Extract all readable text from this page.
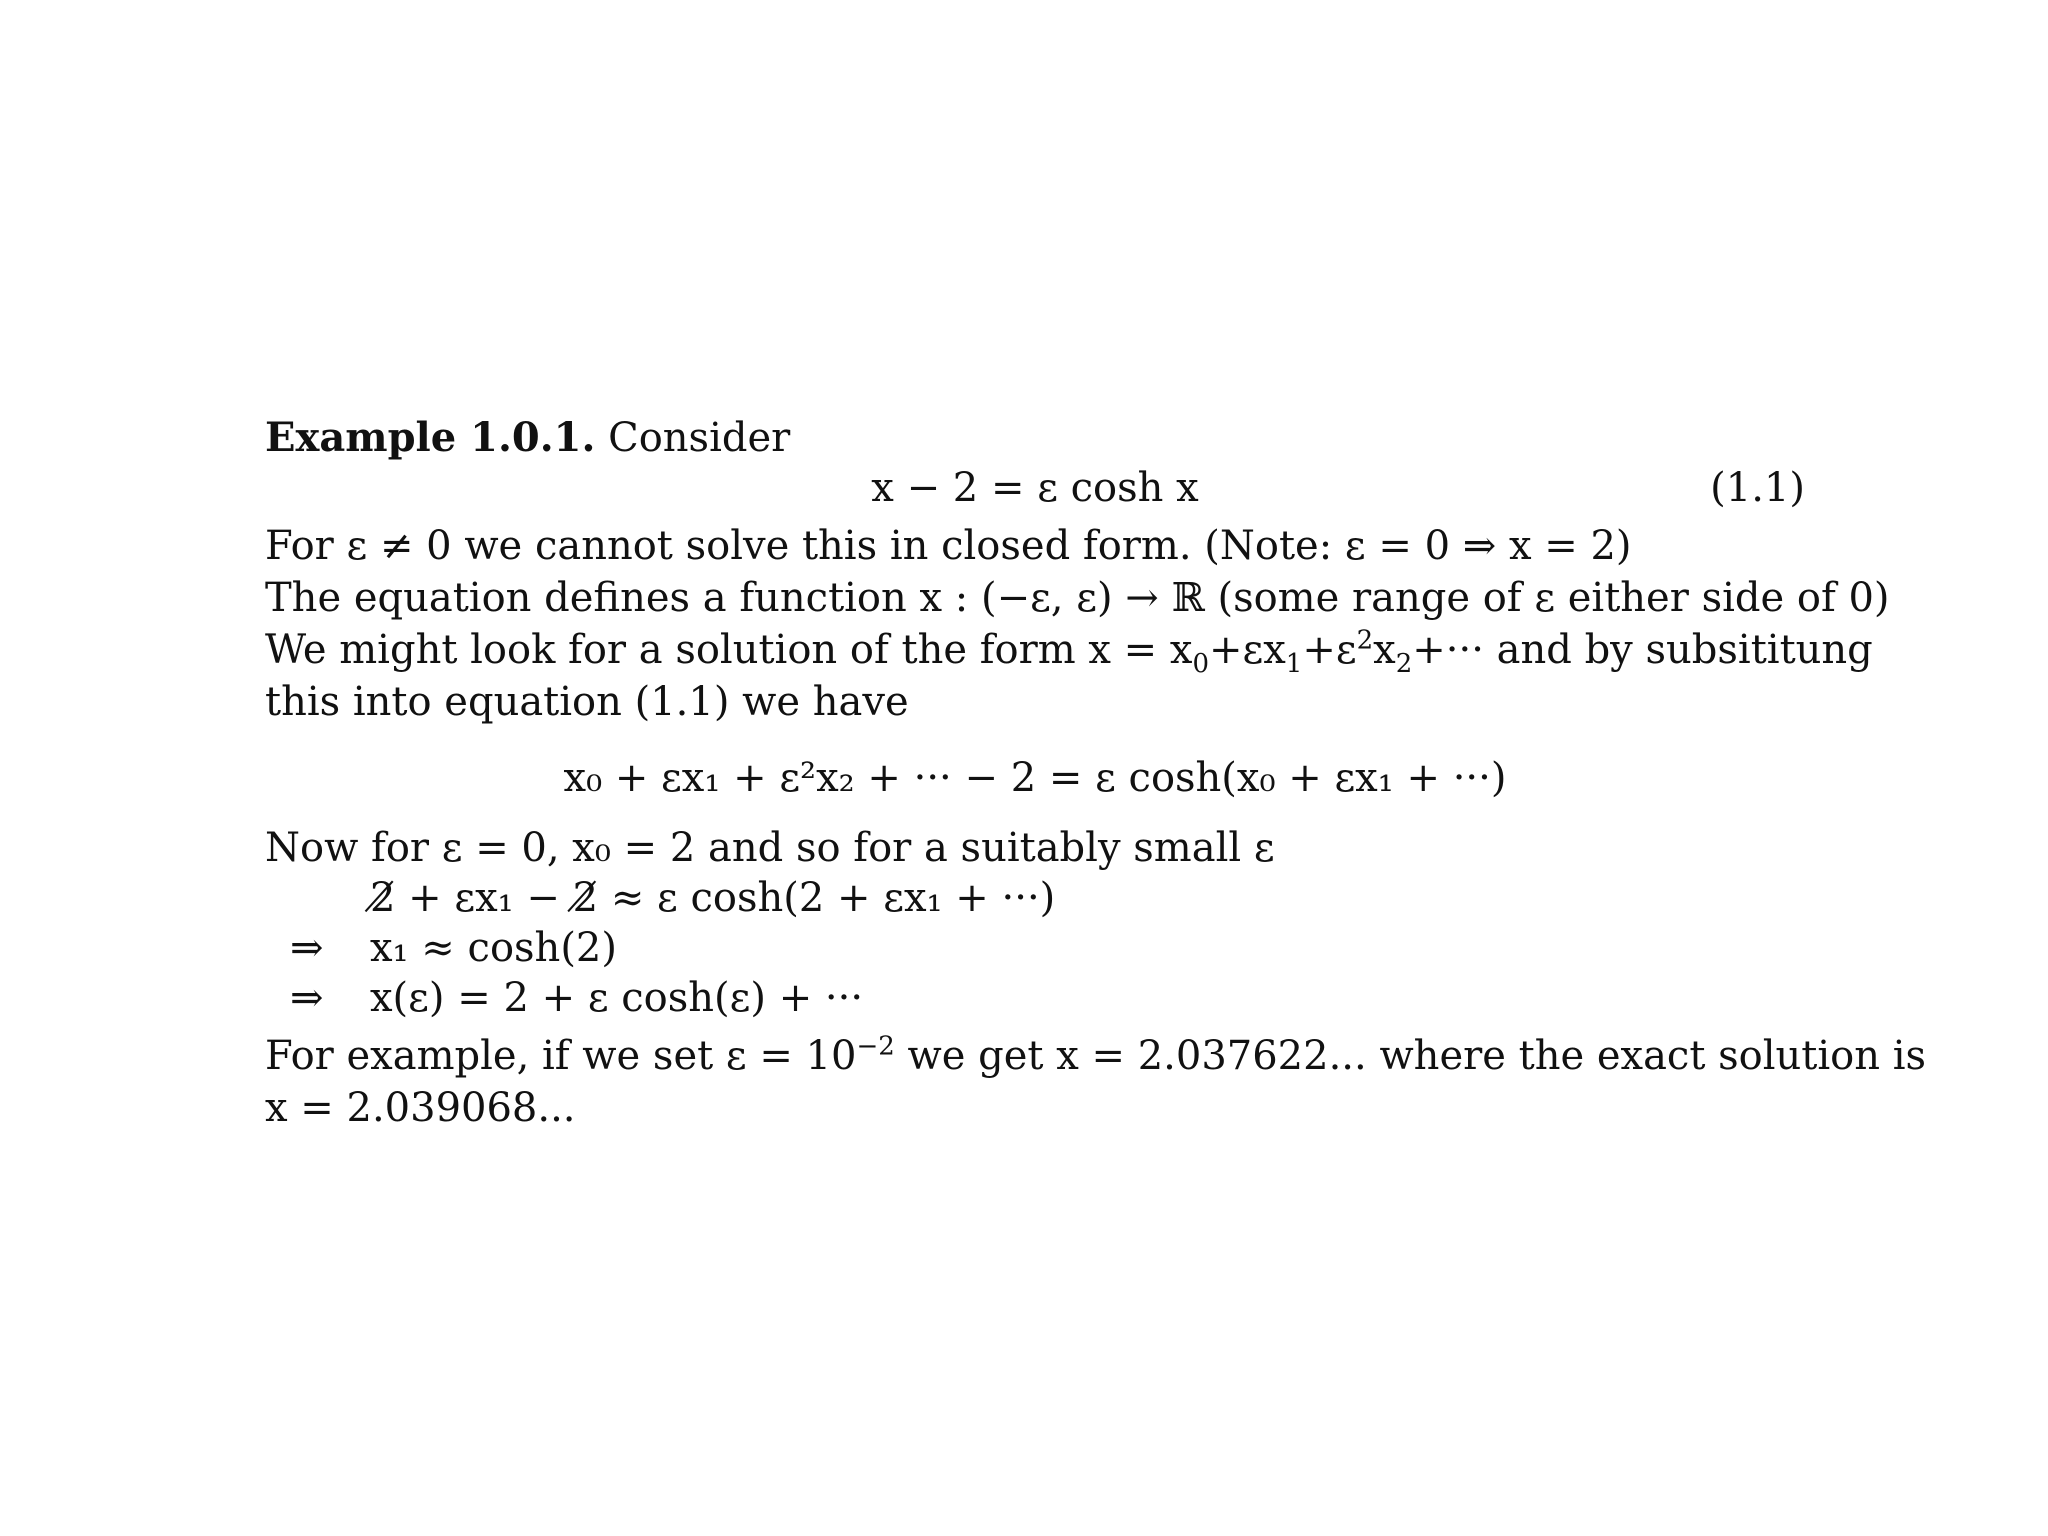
Example 1.0.1. Consider
x − 2 = ε cosh x	(1.1)
For ε ≠ 0 we cannot solve this in closed form. (Note: ε = 0 ⇒ x = 2)
The equation defines a function x : (−ε, ε) → ℝ (some range of ε either side of 0)
We might look for a solution of the form $x = x_0+\varepsilon x_1+\varepsilon^2x_2+\cdot\cdot\cdot$ and by subsititung
this into equation (1.1) we have
x₀ + εx₁ + ε²x₂ + ··· − 2 = ε cosh(x₀ + εx₁ + ···)
Now for ε = 0, x₀ = 2 and so for a suitably small ε
2̸ + εx₁ − 2̸ ≈ ε cosh(2 + εx₁ + ···)
⇒ x₁ ≈ cosh(2)
⇒ x(ε) = 2 + ε cosh(ε) + ···
For example, if we set $\varepsilon = 10^{-2}$ we get x = 2.037622... where the exact solution is
x = 2.039068...
